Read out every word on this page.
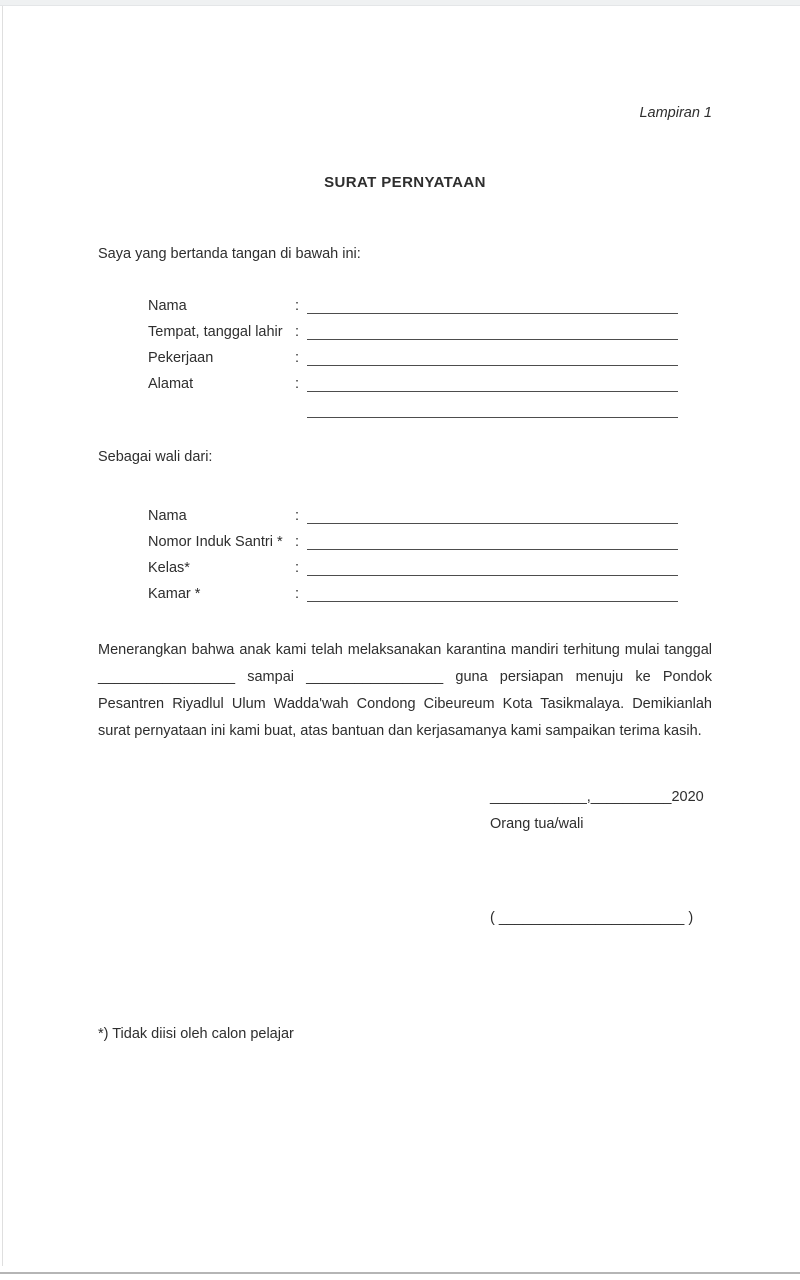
Lampiran 1
SURAT PERNYATAAN
Saya yang bertanda tangan di bawah ini:
Nama	:
Tempat, tanggal lahir :
Pekerjaan	:
Alamat	:
Sebagai wali dari:
Nama	:
Nomor Induk Santri * :
Kelas*	:
Kamar *	:
Menerangkan bahwa anak kami telah melaksanakan karantina mandiri terhitung mulai tanggal _________________ sampai _________________ guna persiapan menuju ke Pondok Pesantren Riyadlul Ulum Wadda'wah Condong Cibeureum Kota Tasikmalaya. Demikianlah surat pernyataan ini kami buat, atas bantuan dan kerjasamanya kami sampaikan terima kasih.
____________,__________2020
Orang tua/wali
( _______________________ )
*) Tidak diisi oleh calon pelajar
